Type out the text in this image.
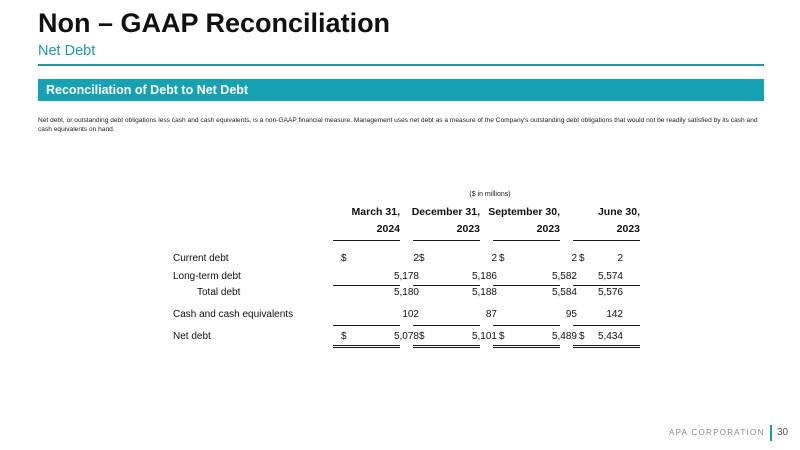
Non – GAAP Reconciliation
Net Debt
Reconciliation of Debt to Net Debt
Net debt, or outstanding debt obligations less cash and cash equivalents, is a non-GAAP financial measure. Management uses net debt as a measure of the Company's outstanding debt obligations that would not be readily satisfied by its cash and cash equivalents on hand.
($ in millions)
March 31,
2024
December 31,
2023
September 30,
2023
June 30,
2023
Current debt	$	2 $	2 $	2 $	2
Long-term debt	5,178	5,186	5,582 5,574
Total debt	5,180	5,188	5,584 5,576
Cash and cash equivalents	102	87	95	142
Net debt	$	5,078 $	5,101 $	5,489 $ 5,434
APA CORPORATION 30
